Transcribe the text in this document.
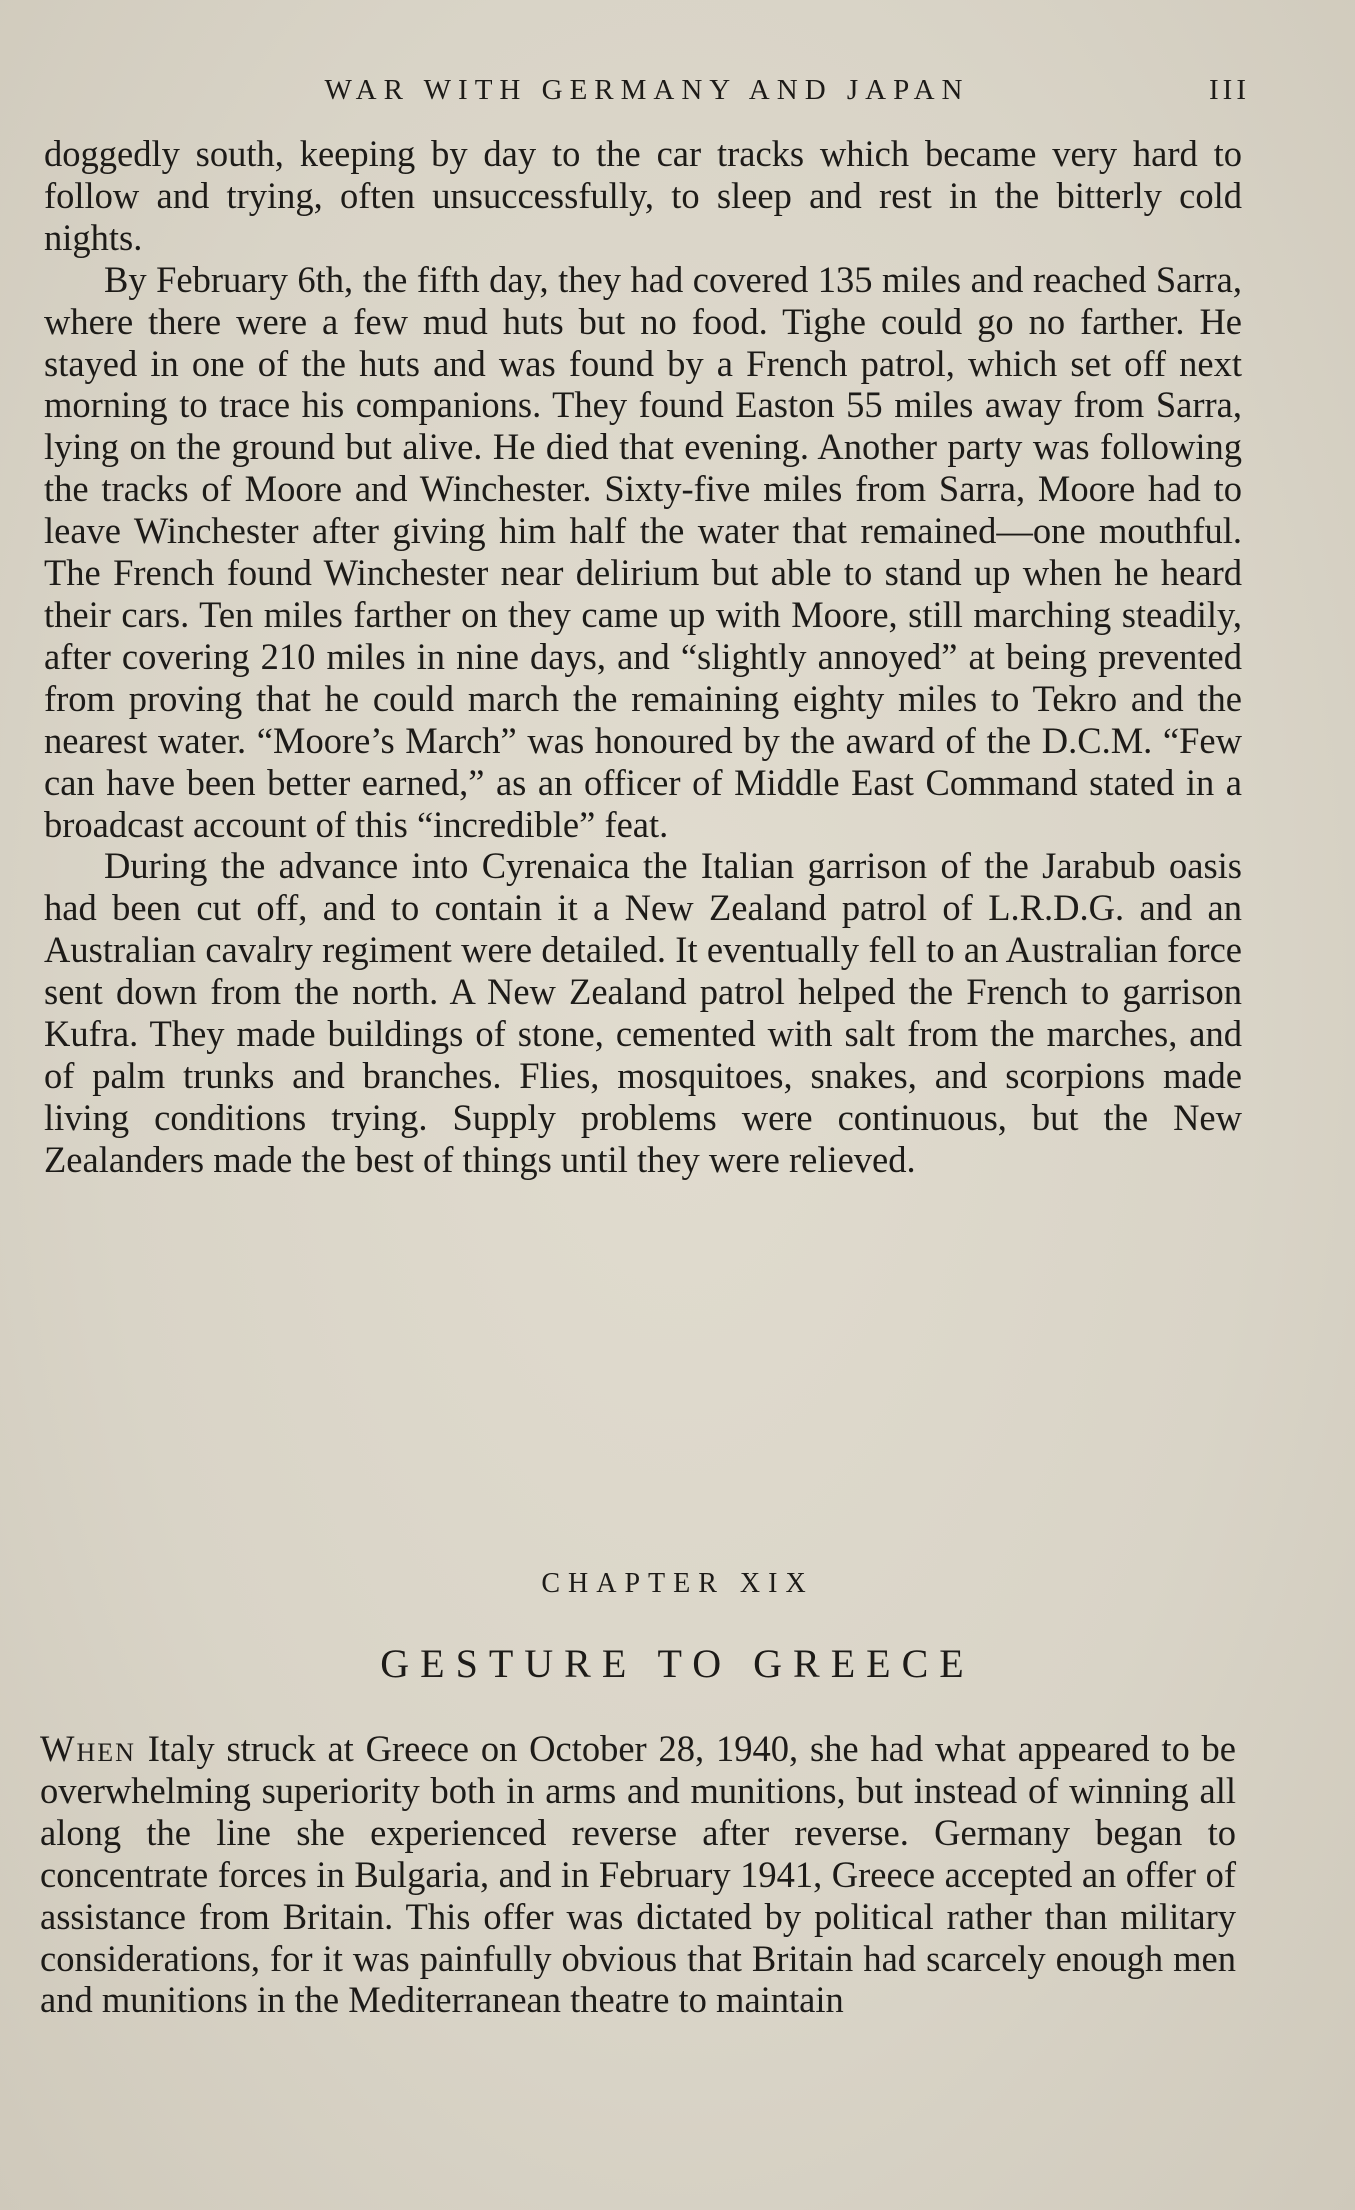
WAR WITH GERMANY AND JAPAN	III

doggedly south, keeping by day to the car tracks which became very hard to follow and trying, often unsuccessfully, to sleep and rest in the bitterly cold nights.

By February 6th, the fifth day, they had covered 135 miles and reached Sarra, where there were a few mud huts but no food. Tighe could go no farther. He stayed in one of the huts and was found by a French patrol, which set off next morning to trace his companions. They found Easton 55 miles away from Sarra, lying on the ground but alive. He died that evening. Another party was following the tracks of Moore and Winchester. Sixty-five miles from Sarra, Moore had to leave Winchester after giving him half the water that remained—one mouthful. The French found Winchester near delirium but able to stand up when he heard their cars. Ten miles farther on they came up with Moore, still marching steadily, after covering 210 miles in nine days, and “slightly annoyed” at being prevented from proving that he could march the remaining eighty miles to Tekro and the nearest water. “Moore’s March” was honoured by the award of the D.C.M. “Few can have been better earned,” as an officer of Middle East Command stated in a broadcast account of this “incredible” feat.

During the advance into Cyrenaica the Italian garrison of the Jarabub oasis had been cut off, and to contain it a New Zealand patrol of L.R.D.G. and an Australian cavalry regiment were detailed. It eventually fell to an Australian force sent down from the north. A New Zealand patrol helped the French to garrison Kufra. They made buildings of stone, cemented with salt from the marches, and of palm trunks and branches. Flies, mosquitoes, snakes, and scorpions made living conditions trying. Supply problems were continuous, but the New Zealanders made the best of things until they were relieved.

CHAPTER XIX
GESTURE TO GREECE

When Italy struck at Greece on October 28, 1940, she had what appeared to be overwhelming superiority both in arms and munitions, but instead of winning all along the line she experienced reverse after reverse. Germany began to concentrate forces in Bulgaria, and in February 1941, Greece accepted an offer of assistance from Britain. This offer was dictated by political rather than military considerations, for it was painfully obvious that Britain had scarcely enough men and munitions in the Mediterranean theatre to maintain
